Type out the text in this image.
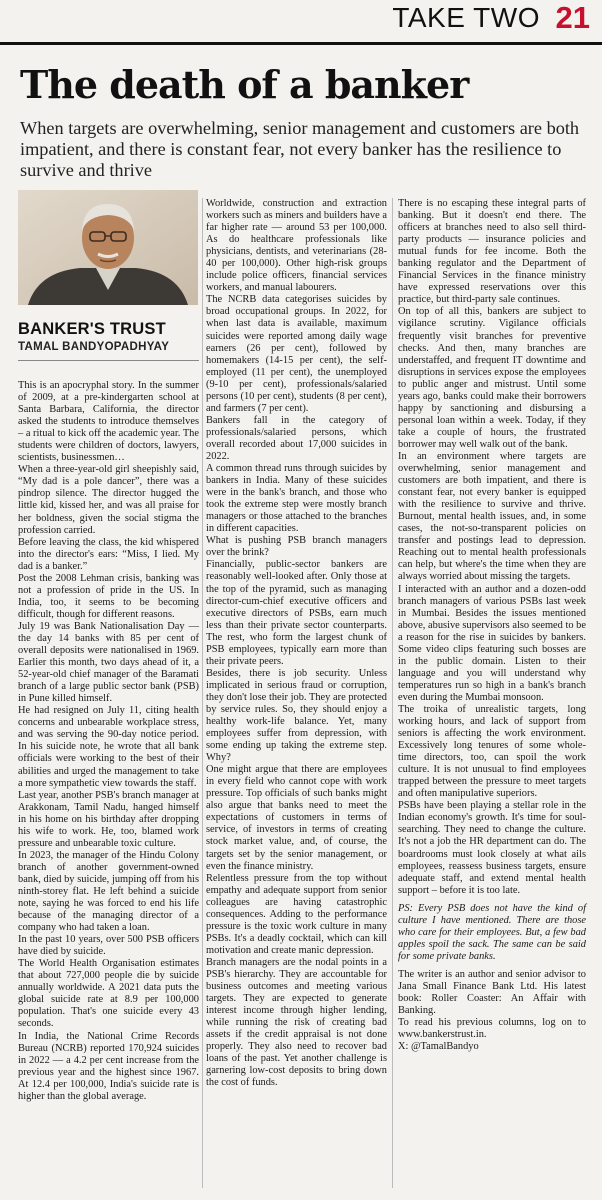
TAKE TWO 21
The death of a banker

When targets are overwhelming, senior management and customers are both impatient, and there is constant fear, not every banker has the resilience to survive and thrive

BANKER'S TRUST
TAMAL BANDYOPADHYAY

This is an apocryphal story. In the summer of 2009, at a pre-kindergarten school at Santa Barbara, California, the director asked the students to introduce themselves – a ritual to kick off the academic year. The students were children of doctors, lawyers, scientists, businessmen…

When a three-year-old girl sheepishly said, “My dad is a pole dancer”, there was a pindrop silence. The director hugged the little kid, kissed her, and was all praise for her boldness, given the social stigma the profession carried.

Before leaving the class, the kid whispered into the director's ears: “Miss, I lied. My dad is a banker.”

Post the 2008 Lehman crisis, banking was not a profession of pride in the US. In India, too, it seems to be becoming difficult, though for different reasons.

July 19 was Bank Nationalisation Day — the day 14 banks with 85 per cent of overall deposits were nationalised in 1969. Earlier this month, two days ahead of it, a 52-year-old chief manager of the Baramati branch of a large public sector bank (PSB) in Pune killed himself.

He had resigned on July 11, citing health concerns and unbearable workplace stress, and was serving the 90-day notice period. In his suicide note, he wrote that all bank officials were working to the best of their abilities and urged the management to take a more sympathetic view towards the staff.

Last year, another PSB's branch manager at Arakkonam, Tamil Nadu, hanged himself in his home on his birthday after dropping his wife to work. He, too, blamed work pressure and unbearable toxic culture.

In 2023, the manager of the Hindu Colony branch of another government-owned bank, died by suicide, jumping off from his ninth-storey flat. He left behind a suicide note, saying he was forced to end his life because of the managing director of a company who had taken a loan.

In the past 10 years, over 500 PSB officers have died by suicide.

The World Health Organisation estimates that about 727,000 people die by suicide annually worldwide. A 2021 data puts the global suicide rate at 8.9 per 100,000 population. That's one suicide every 43 seconds.

In India, the National Crime Records Bureau (NCRB) reported 170,924 suicides in 2022 — a 4.2 per cent increase from the previous year and the highest since 1967. At 12.4 per 100,000, India's suicide rate is higher than the global average.

Worldwide, construction and extraction workers such as miners and builders have a far higher rate — around 53 per 100,000. As do healthcare professionals like physicians, dentists, and veterinarians (28-40 per 100,000). Other high-risk groups include police officers, financial services workers, and manual labourers.

The NCRB data categorises suicides by broad occupational groups. In 2022, for when last data is available, maximum suicides were reported among daily wage earners (26 per cent), followed by homemakers (14-15 per cent), the self-employed (11 per cent), the unemployed (9-10 per cent), professionals/salaried persons (10 per cent), students (8 per cent), and farmers (7 per cent).

Bankers fall in the category of professionals/salaried persons, which overall recorded about 17,000 suicides in 2022.

A common thread runs through suicides by bankers in India. Many of these suicides were in the bank's branch, and those who took the extreme step were mostly branch managers or those attached to the branches in different capacities.

What is pushing PSB branch managers over the brink?

Financially, public-sector bankers are reasonably well-looked after. Only those at the top of the pyramid, such as managing director-cum-chief executive officers and executive directors of PSBs, earn much less than their private sector counterparts. The rest, who form the largest chunk of PSB employees, typically earn more than their private peers.

Besides, there is job security. Unless implicated in serious fraud or corruption, they don't lose their job. They are protected by service rules. So, they should enjoy a healthy work-life balance. Yet, many employees suffer from depression, with some ending up taking the extreme step. Why?

One might argue that there are employees in every field who cannot cope with work pressure. Top officials of such banks might also argue that banks need to meet the expectations of customers in terms of service, of investors in terms of creating stock market value, and, of course, the targets set by the senior management, or even the finance ministry.

Relentless pressure from the top without empathy and adequate support from senior colleagues are having catastrophic consequences. Adding to the performance pressure is the toxic work culture in many PSBs. It's a deadly cocktail, which can kill motivation and create manic depression.

Branch managers are the nodal points in a PSB's hierarchy. They are accountable for business outcomes and meeting various targets. They are expected to generate interest income through higher lending, while running the risk of creating bad assets if the credit appraisal is not done properly. They also need to recover bad loans of the past. Yet another challenge is garnering low-cost deposits to bring down the cost of funds.

There is no escaping these integral parts of banking. But it doesn't end there. The officers at branches need to also sell third-party products — insurance policies and mutual funds for fee income. Both the banking regulator and the Department of Financial Services in the finance ministry have expressed reservations over this practice, but third-party sale continues.

On top of all this, bankers are subject to vigilance scrutiny. Vigilance officials frequently visit branches for preventive checks. And then, many branches are understaffed, and frequent IT downtime and disruptions in services expose the employees to public anger and mistrust. Until some years ago, banks could make their borrowers happy by sanctioning and disbursing a personal loan within a week. Today, if they take a couple of hours, the frustrated borrower may well walk out of the bank.

In an environment where targets are overwhelming, senior management and customers are both impatient, and there is constant fear, not every banker is equipped with the resilience to survive and thrive. Burnout, mental health issues, and, in some cases, the not-so-transparent policies on transfer and postings lead to depression. Reaching out to mental health professionals can help, but where's the time when they are always worried about missing the targets.

I interacted with an author and a dozen-odd branch managers of various PSBs last week in Mumbai. Besides the issues mentioned above, abusive supervisors also seemed to be a reason for the rise in suicides by bankers. Some video clips featuring such bosses are in the public domain. Listen to their language and you will understand why temperatures run so high in a bank's branch even during the Mumbai monsoon.

The troika of unrealistic targets, long working hours, and lack of support from seniors is affecting the work environment. Excessively long tenures of some whole-time directors, too, can spoil the work culture. It is not unusual to find employees trapped between the pressure to meet targets and often manipulative superiors.

PSBs have been playing a stellar role in the Indian economy's growth. It's time for soul-searching. They need to change the culture. It's not a job the HR department can do. The boardrooms must look closely at what ails employees, reassess business targets, ensure adequate staff, and extend mental health support – before it is too late.

PS: Every PSB does not have the kind of culture I have mentioned. There are those who care for their employees. But, a few bad apples spoil the sack. The same can be said for some private banks.

The writer is an author and senior advisor to Jana Small Finance Bank Ltd. His latest book: Roller Coaster: An Affair with Banking.

To read his previous columns, log on to www.bankerstrust.in.

X: @TamalBandyo
